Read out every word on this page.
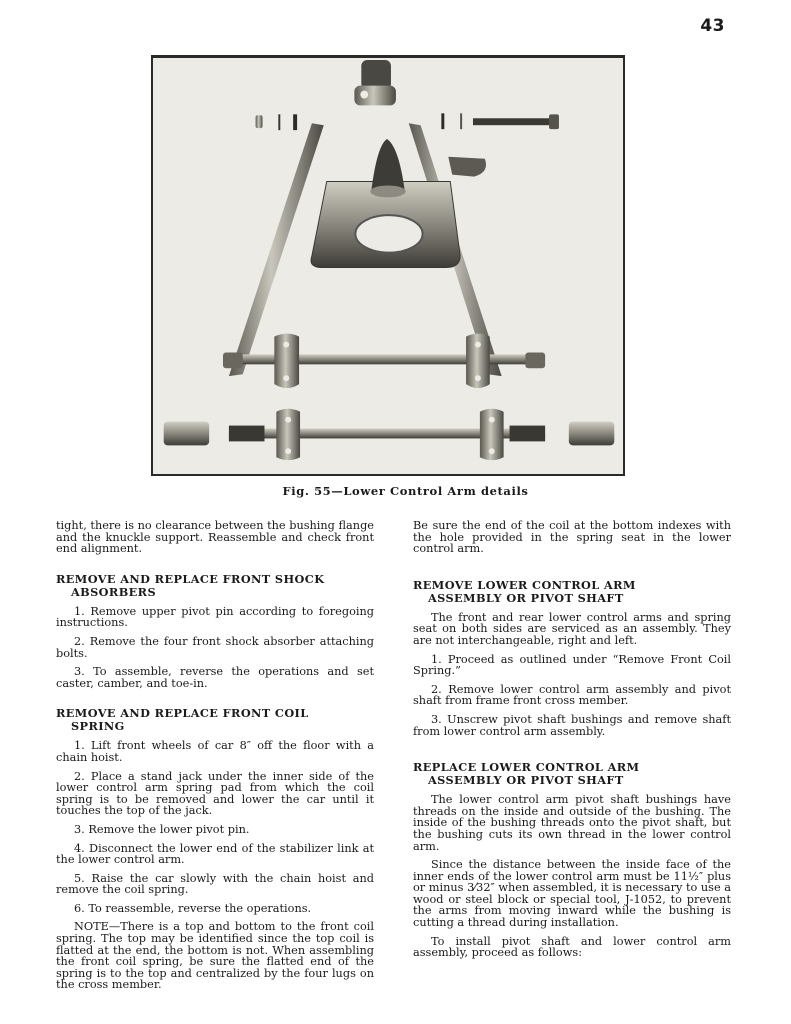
43
Fig. 55—Lower Control Arm details

tight, there is no clearance between the bushing flange and the knuckle support. Reassemble and check front end alignment.

REMOVE AND REPLACE FRONT SHOCK
ABSORBERS

1. Remove upper pivot pin according to foregoing instructions.

2. Remove the four front shock absorber attaching bolts.

3. To assemble, reverse the operations and set caster, camber, and toe-in.

REMOVE AND REPLACE FRONT COIL
SPRING

1. Lift front wheels of car 8″ off the floor with a chain hoist.

2. Place a stand jack under the inner side of the lower control arm spring pad from which the coil spring is to be removed and lower the car until it touches the top of the jack.

3. Remove the lower pivot pin.

4. Disconnect the lower end of the stabilizer link at the lower control arm.

5. Raise the car slowly with the chain hoist and remove the coil spring.

6. To reassemble, reverse the operations.

NOTE—There is a top and bottom to the front coil spring. The top may be identified since the top coil is flatted at the end, the bottom is not. When assembling the front coil spring, be sure the flatted end of the spring is to the top and centralized by the four lugs on the cross member.

Be sure the end of the coil at the bottom indexes with the hole provided in the spring seat in the lower control arm.

REMOVE LOWER CONTROL ARM
ASSEMBLY OR PIVOT SHAFT

The front and rear lower control arms and spring seat on both sides are serviced as an assembly. They are not interchangeable, right and left.

1. Proceed as outlined under “Remove Front Coil Spring.”

2. Remove lower control arm assembly and pivot shaft from frame front cross member.

3. Unscrew pivot shaft bushings and remove shaft from lower control arm assembly.

REPLACE LOWER CONTROL ARM
ASSEMBLY OR PIVOT SHAFT

The lower control arm pivot shaft bushings have threads on the inside and outside of the bushing. The inside of the bushing threads onto the pivot shaft, but the bushing cuts its own thread in the lower control arm.

Since the distance between the inside face of the inner ends of the lower control arm must be 11½″ plus or minus 3⁄32″ when assembled, it is necessary to use a wood or steel block or special tool, J-1052, to prevent the arms from moving inward while the bushing is cutting a thread during installation.

To install pivot shaft and lower control arm assembly, proceed as follows:
